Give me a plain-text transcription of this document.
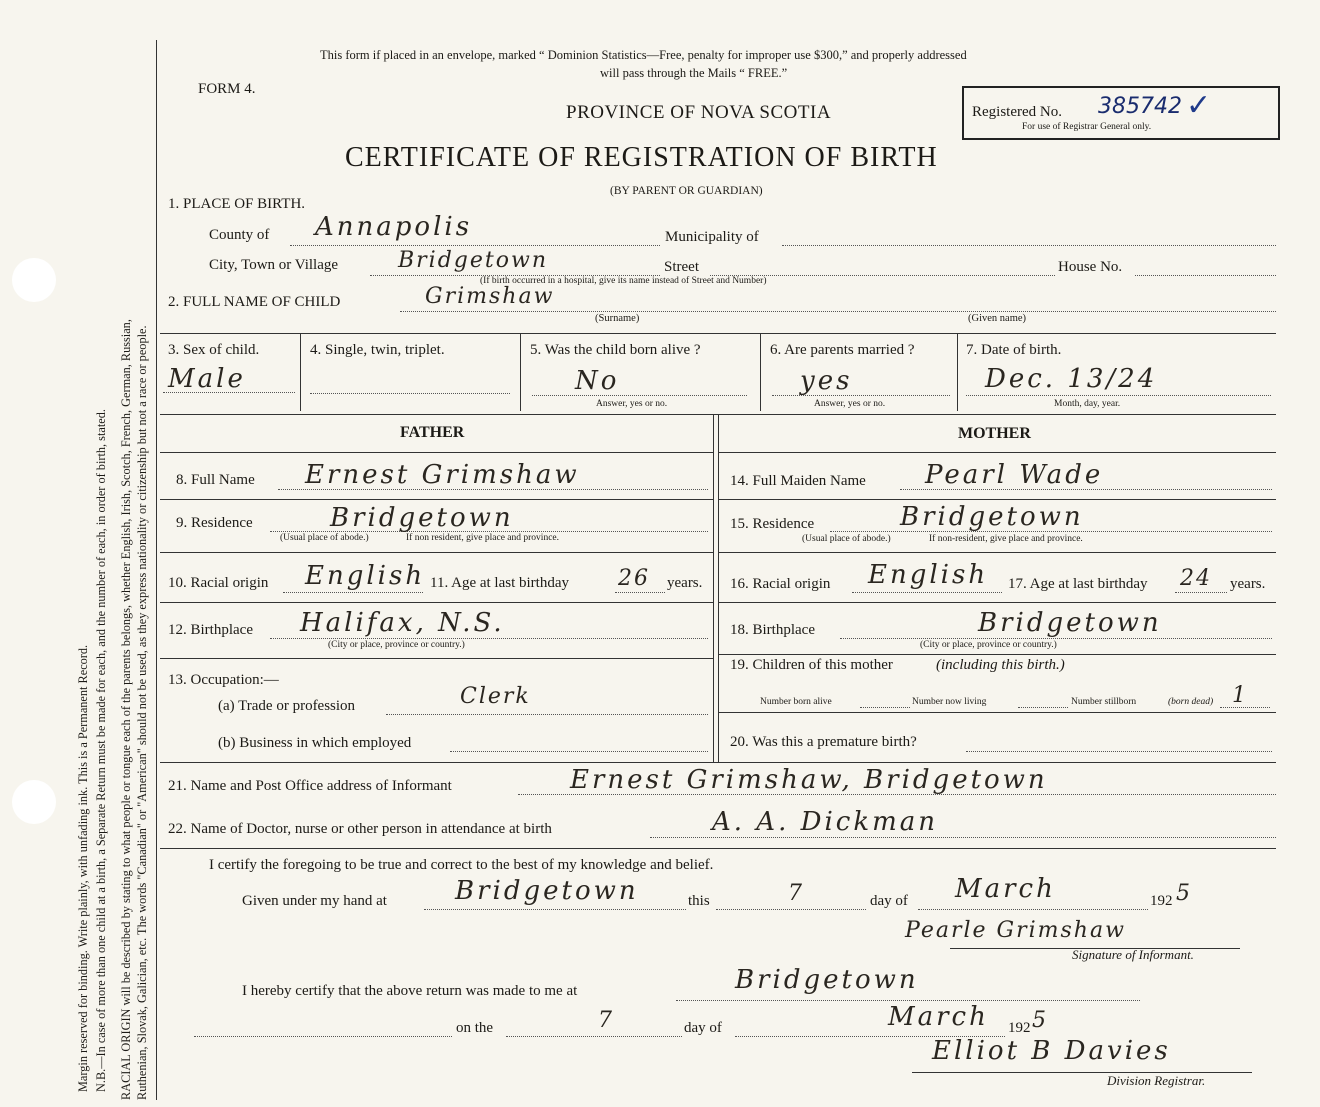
Margin reserved for binding. Write plainly, with unfading ink. This is a Permanent Record. N.B.—In case of more than one child at a birth, a Separate Return must be made for each, and the number of each, in order of birth, stated. RACIAL ORIGIN will be described by stating to what people or tongue each of the parents belongs, whether English, Irish, Scotch, French, German, Russian, Ruthenian, Slovak, Galician, etc. The words "Canadian" or "American" should not be used, as they express nationality or citizenship but not a race or people.
This form if placed in an envelope, marked “ Dominion Statistics—Free, penalty for improper use $300,” and properly addressed
will pass through the Mails “ FREE.”
FORM 4.
PROVINCE OF NOVA SCOTIA
CERTIFICATE OF REGISTRATION OF BIRTH
(BY PARENT OR GUARDIAN)
Registered No. 385742 ✓
For use of Registrar General only.
1. PLACE OF BIRTH.
County of Annapolis	Municipality of
City, Town or Village	Bridgetown	Street	House No.
(If birth occurred in a hospital, give its name instead of Street and Number)
2. FULL NAME OF CHILD	Grimshaw
(Surname)	(Given name)
3. Sex of child.
Male
4. Single, twin, triplet.	5. Was the child born alive ?
No
Answer, yes or no.
6. Are parents married ?
yes
Answer, yes or no.
7. Date of birth.
Dec. 13/24
Month, day, year.
FATHER	MOTHER
8. Full Name Ernest Grimshaw
9. Residence	Bridgetown
(Usual place of abode.)	If non resident, give place and province.
10. Racial origin English 11. Age at last birthday 26 years.
12. Birthplace Halifax, N.S.
(City or place, province or country.)
13. Occupation:—
(a) Trade or profession	Clerk
(b) Business in which employed
14. Full Maiden Name Pearl Wade
15. Residence	Bridgetown
(Usual place of abode.)	If non-resident, give place and province.
16. Racial origin English 17. Age at last birthday 24 years.
18. Birthplace	Bridgetown
(City or place, province or country.)
19. Children of this mother	(including this birth.)
Number born alive	Number now living	Number stillborn	(born dead) 1
20. Was this a premature birth?
21. Name and Post Office address of Informant	Ernest Grimshaw, Bridgetown
22. Name of Doctor, nurse or other person in attendance at birth	A. A. Dickman
I certify the foregoing to be true and correct to the best of my knowledge and belief.
Given under my hand at	Bridgetown	this	7	day of March	192 5
Pearle Grimshaw
Signature of Informant.
I hereby certify that the above return was made to me at	Bridgetown
on the	7	day of	March 192 5
Elliot B Davies
Division Registrar.
